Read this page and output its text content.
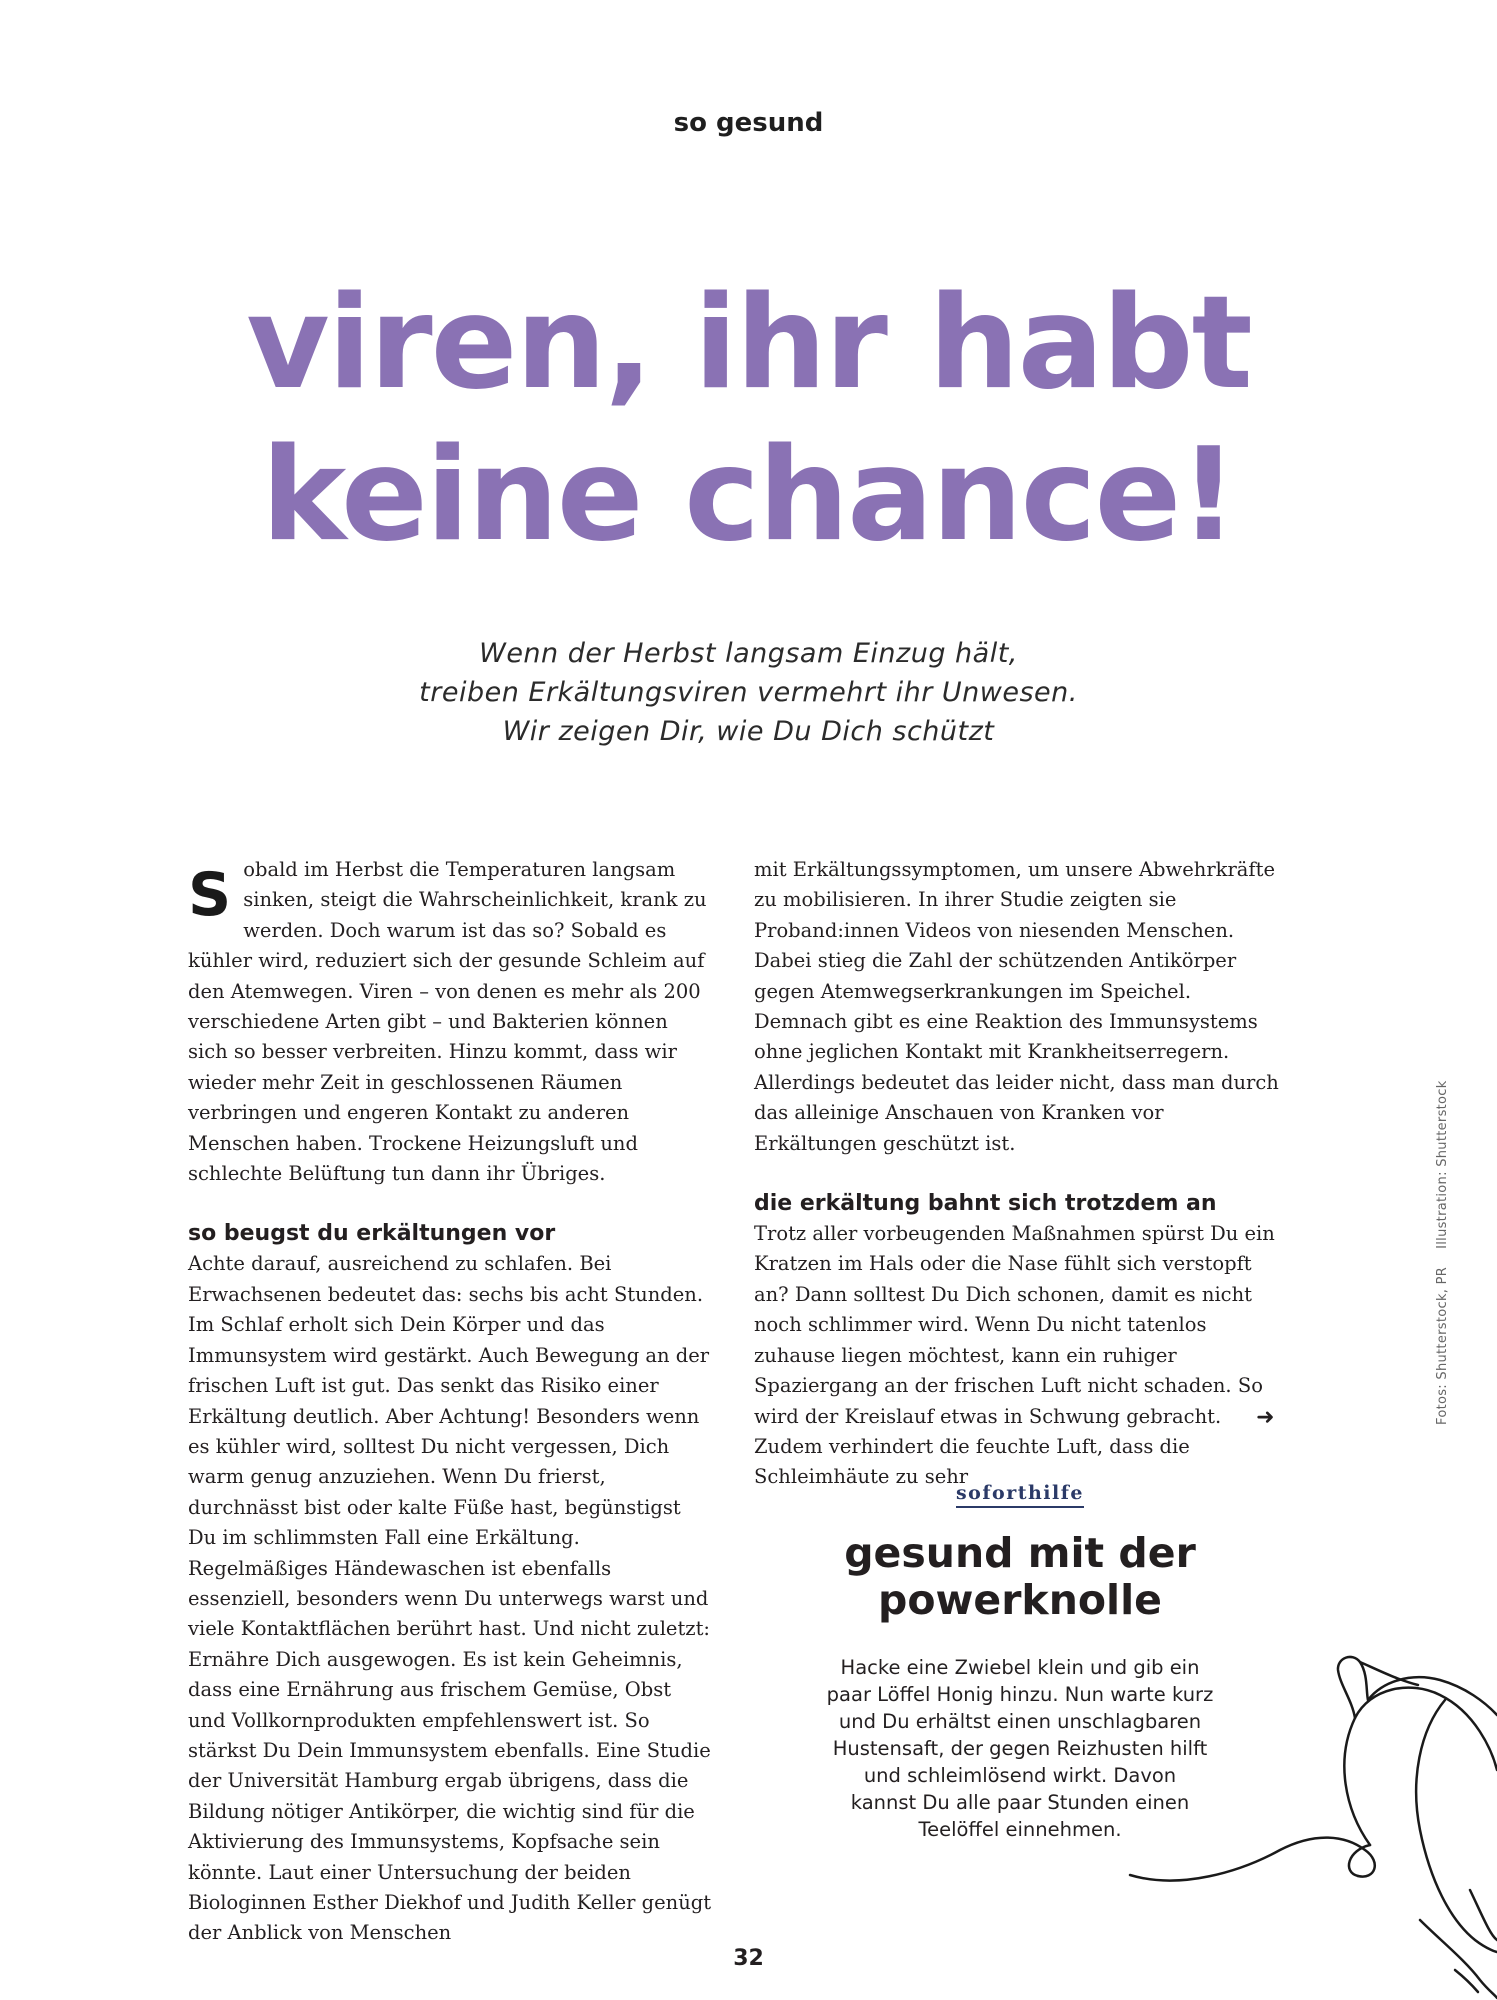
so gesund
viren, ihr habt
keine chance!
Wenn der Herbst langsam Einzug hält,
treiben Erkältungsviren vermehrt ihr Unwesen.
Wir zeigen Dir, wie Du Dich schützt

Sobald im Herbst die Temperaturen langsam sinken, steigt die Wahrscheinlichkeit, krank zu werden. Doch warum ist das so? Sobald es kühler wird, reduziert sich der gesunde Schleim auf den Atemwegen. Viren – von denen es mehr als 200 verschiedene Arten gibt – und Bakterien können sich so besser verbreiten. Hinzu kommt, dass wir wieder mehr Zeit in geschlossenen Räumen verbringen und engeren Kontakt zu anderen Menschen haben. Trockene Heizungsluft und schlechte Belüftung tun dann ihr Übriges.

so beugst du erkältungen vor

Achte darauf, ausreichend zu schlafen. Bei Erwachsenen bedeutet das: sechs bis acht Stunden. Im Schlaf erholt sich Dein Körper und das Immunsystem wird gestärkt. Auch Bewegung an der frischen Luft ist gut. Das senkt das Risiko einer Erkältung deutlich. Aber Achtung! Besonders wenn es kühler wird, solltest Du nicht vergessen, Dich warm genug anzuziehen. Wenn Du frierst, durchnässt bist oder kalte Füße hast, begünstigst Du im schlimmsten Fall eine Erkältung. Regelmäßiges Händewaschen ist ebenfalls essenziell, besonders wenn Du unterwegs warst und viele Kontaktflächen berührt hast. Und nicht zuletzt: Ernähre Dich ausgewogen. Es ist kein Geheimnis, dass eine Ernährung aus frischem Gemüse, Obst und Vollkornprodukten empfehlenswert ist. So stärkst Du Dein Immunsystem ebenfalls. Eine Studie der Universität Hamburg ergab übrigens, dass die Bildung nötiger Antikörper, die wichtig sind für die Aktivierung des Immunsystems, Kopfsache sein könnte. Laut einer Untersuchung der beiden Biologinnen Esther Diekhof und Judith Keller genügt der Anblick von Menschen

mit Erkältungssymptomen, um unsere Abwehrkräfte zu mobilisieren. In ihrer Studie zeigten sie Proband:innen Videos von niesenden Menschen. Dabei stieg die Zahl der schützenden Antikörper gegen Atemwegserkrankungen im Speichel. Demnach gibt es eine Reaktion des Immunsystems ohne jeglichen Kontakt mit Krankheitserregern. Allerdings bedeutet das leider nicht, dass man durch das alleinige Anschauen von Kranken vor Erkältungen geschützt ist.

die erkältung bahnt sich trotzdem an

Trotz aller vorbeugenden Maßnahmen spürst Du ein Kratzen im Hals oder die Nase fühlt sich verstopft an? Dann solltest Du Dich schonen, damit es nicht noch schlimmer wird. Wenn Du nicht tatenlos zuhause liegen möchtest, kann ein ruhiger Spaziergang an der frischen Luft nicht schaden. So wird der Kreislauf etwas in Schwung gebracht. Zudem verhindert die feuchte Luft, dass die Schleimhäute zu sehr

➜
soforthilfe
gesund mit der
powerknolle
Hacke eine Zwiebel klein und gib ein
paar Löffel Honig hinzu. Nun warte kurz
und Du erhältst einen unschlagbaren
Hustensaft, der gegen Reizhusten hilft
und schleimlösend wirkt. Davon
kannst Du alle paar Stunden einen
Teelöffel einnehmen.
Fotos: Shutterstock, PRIllustration: Shutterstock
32
